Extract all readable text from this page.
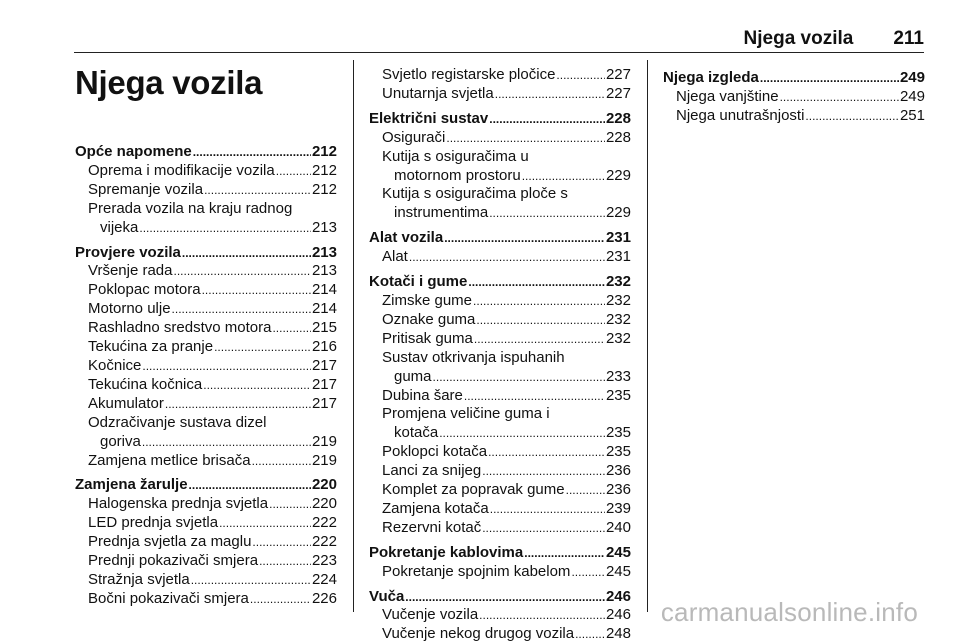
Njega vozila 211
Njega vozila
Opće napomene .....	212
Oprema i modifikacije vozila ..... 212
Spremanje vozila .....	212
Prerada vozila na kraju radnog
vijeka .....	213
Provjere vozila .....	213
Vršenje rada .....	213
Poklopac motora .....	214
Motorno ulje .....	214
Rashladno sredstvo motora .....	215
Tekućina za pranje .....	216
Kočnice .....	217
Tekućina kočnica .....	217
Akumulator .....	217
Odzračivanje sustava dizel
goriva .....	219
Zamjena metlice brisača .....	219
Zamjena žarulje .....	220
Halogenska prednja svjetla .....	220
LED prednja svjetla .....	222
Prednja svjetla za maglu .....	222
Prednji pokazivači smjera .....	223
Stražnja svjetla .....	224
Bočni pokazivači smjera .....	226
Svjetlo registarske pločice .....	227
Unutarnja svjetla .....	227
Električni sustav .....	228
Osigurači .....	228
Kutija s osiguračima u
motornom prostoru .....	229
Kutija s osiguračima ploče s
instrumentima .....	229
Alat vozila .....	231
Alat .....	231
Kotači i gume .....	232
Zimske gume .....	232
Oznake guma .....	232
Pritisak guma .....	232
Sustav otkrivanja ispuhanih
guma .....	233
Dubina šare .....	235
Promjena veličine guma i
kotača .....	235
Poklopci kotača .....	235
Lanci za snijeg .....	236
Komplet za popravak gume .....	236
Zamjena kotača .....	239
Rezervni kotač .....	240
Pokretanje kablovima .....	245
Pokretanje spojnim kabelom ..... 245
Vuča .....	246
Vučenje vozila .....	246
Vučenje nekog drugog vozila ..... 248
Njega izgleda .....	249
Njega vanjštine .....	249
Njega unutrašnjosti .....	251
carmanualsonline.info
